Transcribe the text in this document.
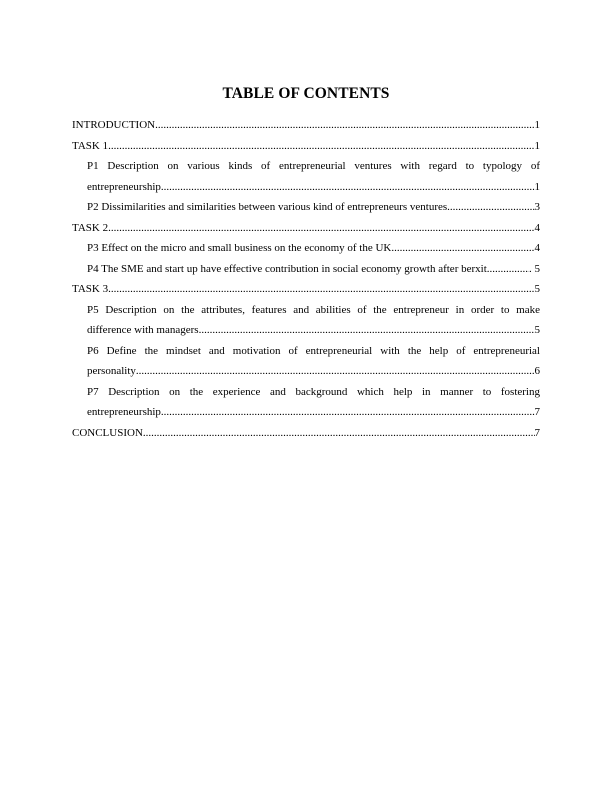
TABLE OF CONTENTS
INTRODUCTION .....	1
TASK 1 .....	1
P1 Description on various kinds of entrepreneurial ventures with regard to typology of
entrepreneurship. .....	1
P2 Dissimilarities and similarities between various kind of entrepreneurs ventures .....	3
TASK 2 .....	4
P3 Effect on the micro and small business on the economy of the UK .....	4
P4 The SME and start up have effective contribution in social economy growth after berxit. .....	. 5
TASK 3 .....	5
P5 Description on the attributes, features and abilities of the entrepreneur in order to make
difference with managers .....	5
P6 Define the mindset and motivation of entrepreneurial with the help of entrepreneurial
personality .....	6
P7 Description on the experience and background which help in manner to fostering
entrepreneurship .....	7
CONCLUSION .....	7
